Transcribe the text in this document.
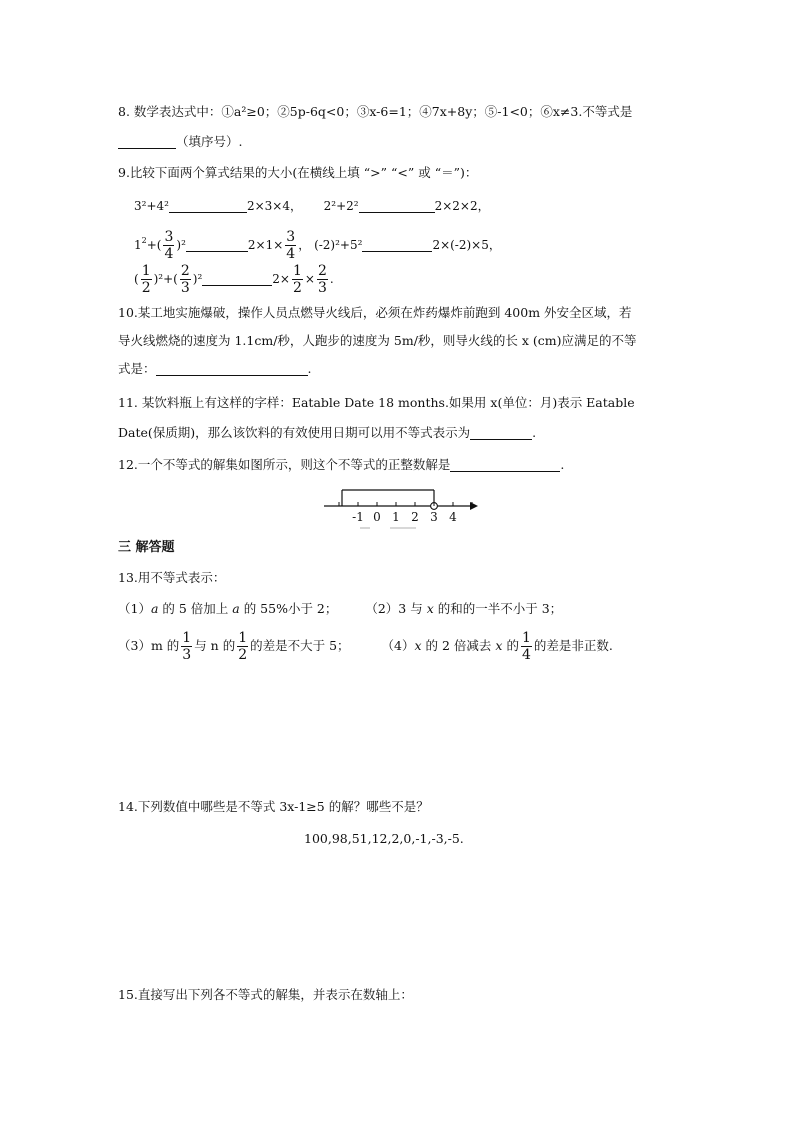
8. 数学表达式中：①a²≥0；②5p-6q<0；③x-6=1；④7x+8y；⑤-1<0；⑥x≠3.不等式是
（填序号）.
9.比较下面两个算式结果的大小(在横线上填 “>” “<” 或 “＝”)：
3²+4²	2×3×4， 2²+2²	2×2×2，
$1^2+( \frac{3}{4} )^2$	$2\times 1\times \frac{3}{4}$ ， (-2)²+5²	2×(-2)×5，
( $\frac{1}{2} )^2+( \frac{2}{3} )^2$	$2\times \frac{1}{2} \times \frac{2}{3}$ .
10.某工地实施爆破，操作人员点燃导火线后，必须在炸药爆炸前跑到 400m 外安全区域，若
导火线燃烧的速度为 1.1cm/秒，人跑步的速度为 5m/秒，则导火线的长 x (cm)应满足的不等
式是：	.
11. 某饮料瓶上有这样的字样：Eatable Date 18 months.如果用 x(单位：月)表示 Eatable
Date(保质期)，那么该饮料的有效使用日期可以用不等式表示为	.
12.一个不等式的解集如图所示，则这个不等式的正整数解是	.
-1 0 1 2 3 4
三 解答题
13.用不等式表示：
（1）a 的 5 倍加上 a 的 55%小于 2； （2）3 与 x 的和的一半不小于 3；
（3）m 的 $\frac{1}{3}$ 与 n 的 $\frac{1}{2}$ 的差是不大于 5；	（4）x 的 2 倍减去 x 的 $\frac{1}{4}$ 的差是非正数.
14.下列数值中哪些是不等式 3x-1≥5 的解？哪些不是？
100,98,51,12,2,0,-1,-3,-5.
15.直接写出下列各不等式的解集，并表示在数轴上：
